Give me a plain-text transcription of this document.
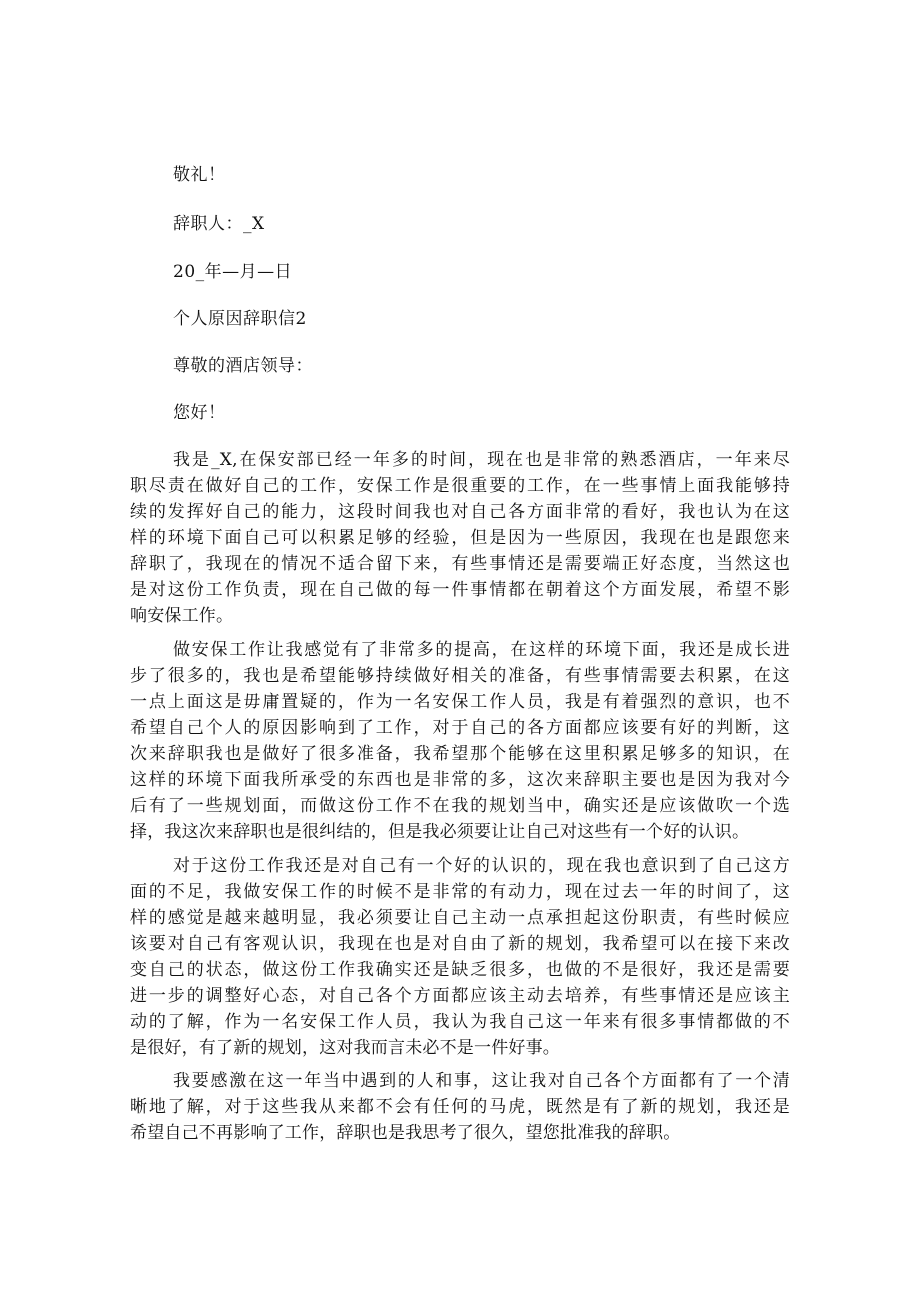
敬礼！
辞职人：_X
20_年—月—日
个人原因辞职信2
尊敬的酒店领导：
您好！
我是_X,在保安部已经一年多的时间，现在也是非常的熟悉酒店，一年来尽
职尽责在做好自己的工作，安保工作是很重要的工作，在一些事情上面我能够持
续的发挥好自己的能力，这段时间我也对自己各方面非常的看好，我也认为在这
样的环境下面自己可以积累足够的经验，但是因为一些原因，我现在也是跟您来
辞职了，我现在的情况不适合留下来，有些事情还是需要端正好态度，当然这也
是对这份工作负责，现在自己做的每一件事情都在朝着这个方面发展，希望不影
响安保工作。
做安保工作让我感觉有了非常多的提高，在这样的环境下面，我还是成长进
步了很多的，我也是希望能够持续做好相关的准备，有些事情需要去积累，在这
一点上面这是毋庸置疑的，作为一名安保工作人员，我是有着强烈的意识，也不
希望自己个人的原因影响到了工作，对于自己的各方面都应该要有好的判断，这
次来辞职我也是做好了很多准备，我希望那个能够在这里积累足够多的知识，在
这样的环境下面我所承受的东西也是非常的多，这次来辞职主要也是因为我对今
后有了一些规划面，而做这份工作不在我的规划当中，确实还是应该做吹一个选
择，我这次来辞职也是很纠结的，但是我必须要让让自己对这些有一个好的认识。
对于这份工作我还是对自己有一个好的认识的，现在我也意识到了自己这方
面的不足，我做安保工作的时候不是非常的有动力，现在过去一年的时间了，这
样的感觉是越来越明显，我必须要让自己主动一点承担起这份职责，有些时候应
该要对自己有客观认识，我现在也是对自由了新的规划，我希望可以在接下来改
变自己的状态，做这份工作我确实还是缺乏很多，也做的不是很好，我还是需要
进一步的调整好心态，对自己各个方面都应该主动去培养，有些事情还是应该主
动的了解，作为一名安保工作人员，我认为我自己这一年来有很多事情都做的不
是很好，有了新的规划，这对我而言未必不是一件好事。
我要感激在这一年当中遇到的人和事，这让我对自己各个方面都有了一个清
晰地了解，对于这些我从来都不会有任何的马虎，既然是有了新的规划，我还是
希望自己不再影响了工作，辞职也是我思考了很久，望您批准我的辞职。
